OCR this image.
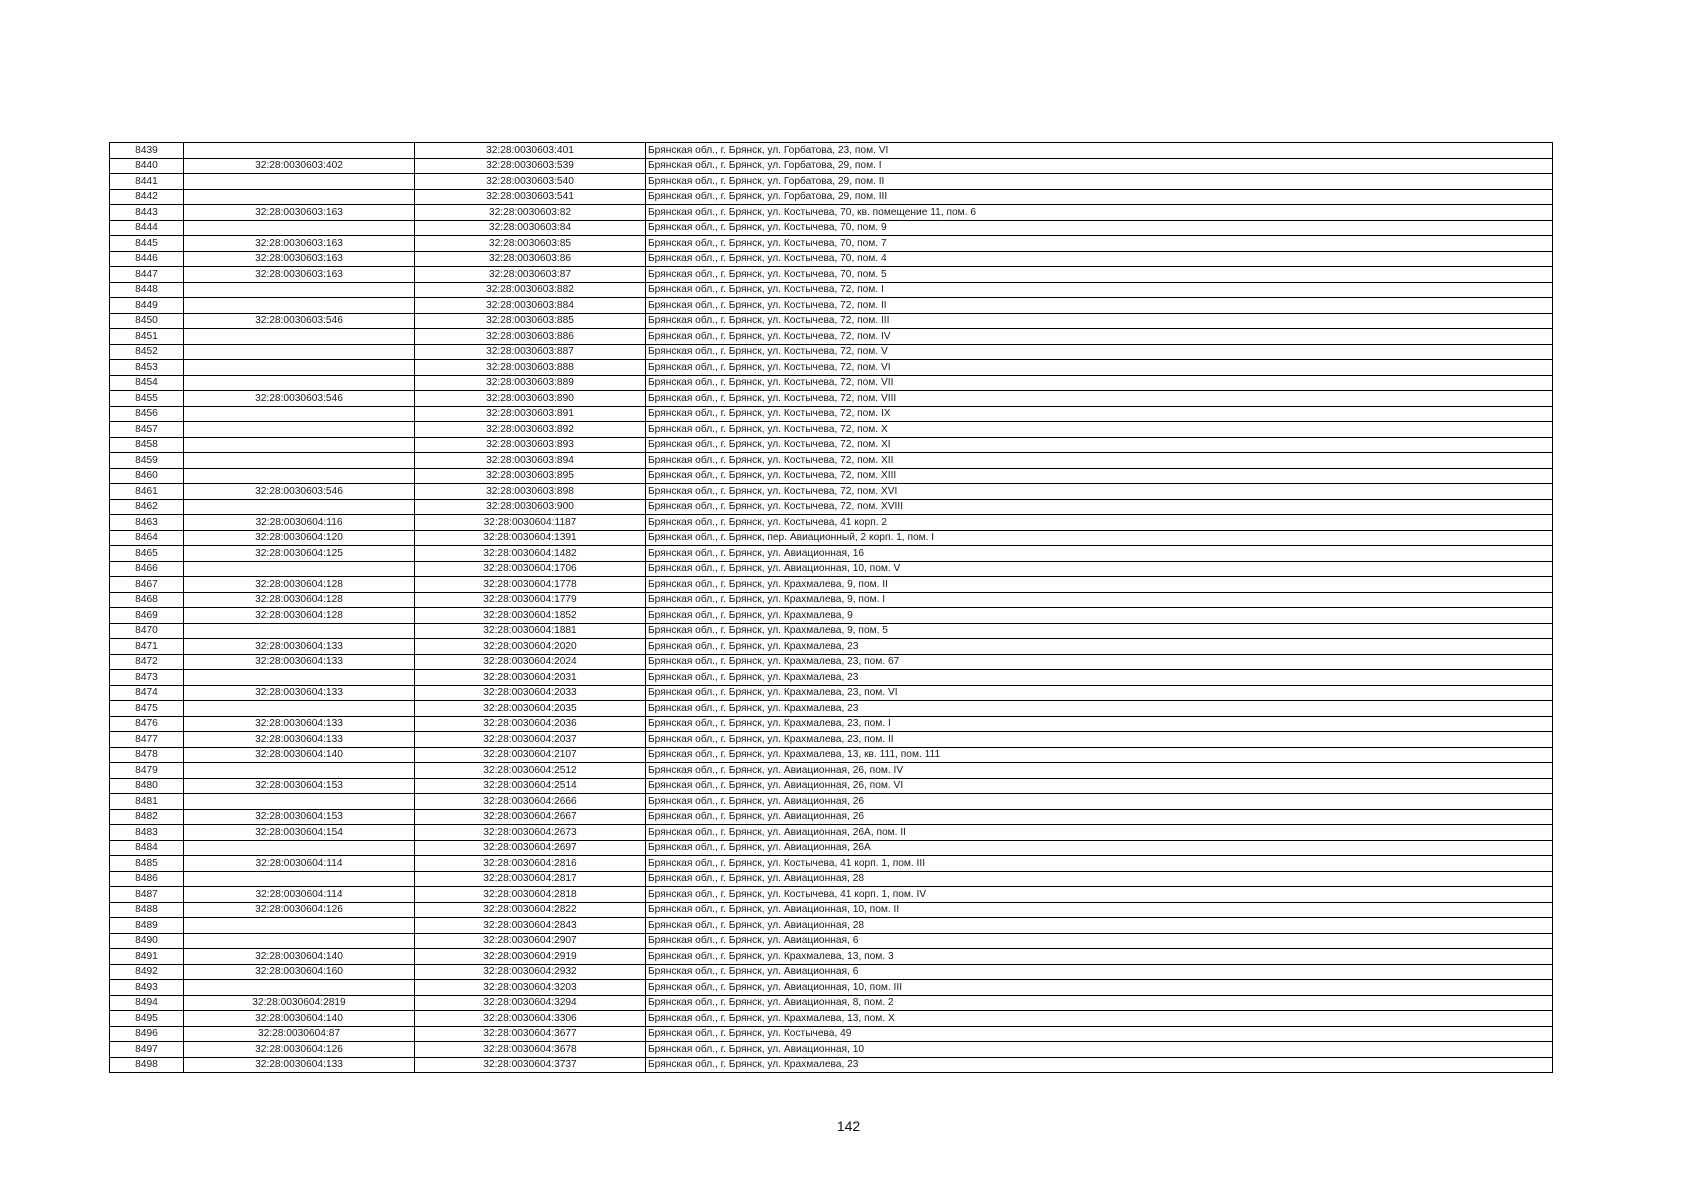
8439		32:28:0030603:401	Брянская обл., г. Брянск, ул. Горбатова, 23, пом. VI
8440	32:28:0030603:402	32:28:0030603:539	Брянская обл., г. Брянск, ул. Горбатова, 29, пом. I
8441		32:28:0030603:540	Брянская обл., г. Брянск, ул. Горбатова, 29, пом. II
8442		32:28:0030603:541	Брянская обл., г. Брянск, ул. Горбатова, 29, пом. III
8443	32:28:0030603:163	32:28:0030603:82	Брянская обл., г. Брянск, ул. Костычева, 70, кв. помещение 11, пом. 6
8444		32:28:0030603:84	Брянская обл., г. Брянск, ул. Костычева, 70, пом. 9
8445	32:28:0030603:163	32:28:0030603:85	Брянская обл., г. Брянск, ул. Костычева, 70, пом. 7
8446	32:28:0030603:163	32:28:0030603:86	Брянская обл., г. Брянск, ул. Костычева, 70, пом. 4
8447	32:28:0030603:163	32:28:0030603:87	Брянская обл., г. Брянск, ул. Костычева, 70, пом. 5
8448		32:28:0030603:882	Брянская обл., г. Брянск, ул. Костычева, 72, пом. I
8449		32:28:0030603:884	Брянская обл., г. Брянск, ул. Костычева, 72, пом. II
8450	32:28:0030603:546	32:28:0030603:885	Брянская обл., г. Брянск, ул. Костычева, 72, пом. III
8451		32:28:0030603:886	Брянская обл., г. Брянск, ул. Костычева, 72, пом. IV
8452		32:28:0030603:887	Брянская обл., г. Брянск, ул. Костычева, 72, пом. V
8453		32:28:0030603:888	Брянская обл., г. Брянск, ул. Костычева, 72, пом. VI
8454		32:28:0030603:889	Брянская обл., г. Брянск, ул. Костычева, 72, пом. VII
8455	32:28:0030603:546	32:28:0030603:890	Брянская обл., г. Брянск, ул. Костычева, 72, пом. VIII
8456		32:28:0030603:891	Брянская обл., г. Брянск, ул. Костычева, 72, пом. IX
8457		32:28:0030603:892	Брянская обл., г. Брянск, ул. Костычева, 72, пом. X
8458		32:28:0030603:893	Брянская обл., г. Брянск, ул. Костычева, 72, пом. XI
8459		32:28:0030603:894	Брянская обл., г. Брянск, ул. Костычева, 72, пом. XII
8460		32:28:0030603:895	Брянская обл., г. Брянск, ул. Костычева, 72, пом. XIII
8461	32:28:0030603:546	32:28:0030603:898	Брянская обл., г. Брянск, ул. Костычева, 72, пом. XVI
8462		32:28:0030603:900	Брянская обл., г. Брянск, ул. Костычева, 72, пом. XVIII
8463	32:28:0030604:116	32:28:0030604:1187	Брянская обл., г. Брянск, ул. Костычева, 41 корп. 2
8464	32:28:0030604:120	32:28:0030604:1391	Брянская обл., г. Брянск, пер. Авиационный, 2 корп. 1, пом. I
8465	32:28:0030604:125	32:28:0030604:1482	Брянская обл., г. Брянск, ул. Авиационная, 16
8466		32:28:0030604:1706	Брянская обл., г. Брянск, ул. Авиационная, 10, пом. V
8467	32:28:0030604:128	32:28:0030604:1778	Брянская обл., г. Брянск, ул. Крахмалева, 9, пом. II
8468	32:28:0030604:128	32:28:0030604:1779	Брянская обл., г. Брянск, ул. Крахмалева, 9, пом. I
8469	32:28:0030604:128	32:28:0030604:1852	Брянская обл., г. Брянск, ул. Крахмалева, 9
8470		32:28:0030604:1881	Брянская обл., г. Брянск, ул. Крахмалева, 9, пом. 5
8471	32:28:0030604:133	32:28:0030604:2020	Брянская обл., г. Брянск, ул. Крахмалева, 23
8472	32:28:0030604:133	32:28:0030604:2024	Брянская обл., г. Брянск, ул. Крахмалева, 23, пом. 67
8473		32:28:0030604:2031	Брянская обл., г. Брянск, ул. Крахмалева, 23
8474	32:28:0030604:133	32:28:0030604:2033	Брянская обл., г. Брянск, ул. Крахмалева, 23, пом. VI
8475		32:28:0030604:2035	Брянская обл., г. Брянск, ул. Крахмалева, 23
8476	32:28:0030604:133	32:28:0030604:2036	Брянская обл., г. Брянск, ул. Крахмалева, 23, пом. I
8477	32:28:0030604:133	32:28:0030604:2037	Брянская обл., г. Брянск, ул. Крахмалева, 23, пом. II
8478	32:28:0030604:140	32:28:0030604:2107	Брянская обл., г. Брянск, ул. Крахмалева, 13, кв. 111, пом. 111
8479		32:28:0030604:2512	Брянская обл., г. Брянск, ул. Авиационная, 26, пом. IV
8480	32:28:0030604:153	32:28:0030604:2514	Брянская обл., г. Брянск, ул. Авиационная, 26, пом. VI
8481		32:28:0030604:2666	Брянская обл., г. Брянск, ул. Авиационная, 26
8482	32:28:0030604:153	32:28:0030604:2667	Брянская обл., г. Брянск, ул. Авиационная, 26
8483	32:28:0030604:154	32:28:0030604:2673	Брянская обл., г. Брянск, ул. Авиационная, 26А, пом. II
8484		32:28:0030604:2697	Брянская обл., г. Брянск, ул. Авиационная, 26А
8485	32:28:0030604:114	32:28:0030604:2816	Брянская обл., г. Брянск, ул. Костычева, 41 корп. 1, пом. III
8486		32:28:0030604:2817	Брянская обл., г. Брянск, ул. Авиационная, 28
8487	32:28:0030604:114	32:28:0030604:2818	Брянская обл., г. Брянск, ул. Костычева, 41 корп. 1, пом. IV
8488	32:28:0030604:126	32:28:0030604:2822	Брянская обл., г. Брянск, ул. Авиационная, 10, пом. II
8489		32:28:0030604:2843	Брянская обл., г. Брянск, ул. Авиационная, 28
8490		32:28:0030604:2907	Брянская обл., г. Брянск, ул. Авиационная, 6
8491	32:28:0030604:140	32:28:0030604:2919	Брянская обл., г. Брянск, ул. Крахмалева, 13, пом. 3
8492	32:28:0030604:160	32:28:0030604:2932	Брянская обл., г. Брянск, ул. Авиационная, 6
8493		32:28:0030604:3203	Брянская обл., г. Брянск, ул. Авиационная, 10, пом. III
8494	32:28:0030604:2819	32:28:0030604:3294	Брянская обл., г. Брянск, ул. Авиационная, 8, пом. 2
8495	32:28:0030604:140	32:28:0030604:3306	Брянская обл., г. Брянск, ул. Крахмалева, 13, пом. X
8496	32:28:0030604:87	32:28:0030604:3677	Брянская обл., г. Брянск, ул. Костычева, 49
8497	32:28:0030604:126	32:28:0030604:3678	Брянская обл., г. Брянск, ул. Авиационная, 10
8498	32:28:0030604:133	32:28:0030604:3737	Брянская обл., г. Брянск, ул. Крахмалева, 23
142
